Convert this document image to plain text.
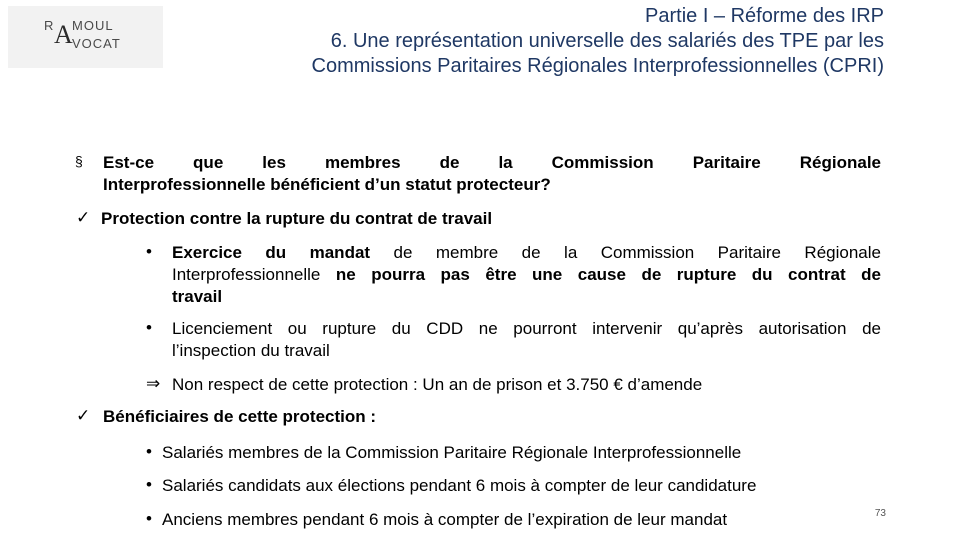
R MOUL
A VOCAT
Partie I – Réforme des IRP
6. Une représentation universelle des salariés des TPE par les
Commissions Paritaires Régionales Interprofessionnelles (CPRI)
§ Est-ce que les membres de la Commission Paritaire Régionale
Interprofessionnelle bénéficient d’un statut protecteur?
✓ Protection contre la rupture du contrat de travail
• Exercice du mandat de membre de la Commission Paritaire Régionale
Interprofessionnelle ne pourra pas être une cause de rupture du contrat de
travail
• Licenciement ou rupture du CDD ne pourront intervenir qu’après autorisation de
l’inspection du travail
⇒ Non respect de cette protection : Un an de prison et 3.750 € d’amende
✓ Bénéficiaires de cette protection :
• Salariés membres de la Commission Paritaire Régionale Interprofessionnelle
• Salariés candidats aux élections pendant 6 mois à compter de leur candidature
• Anciens membres pendant 6 mois à compter de l’expiration de leur mandat	73
